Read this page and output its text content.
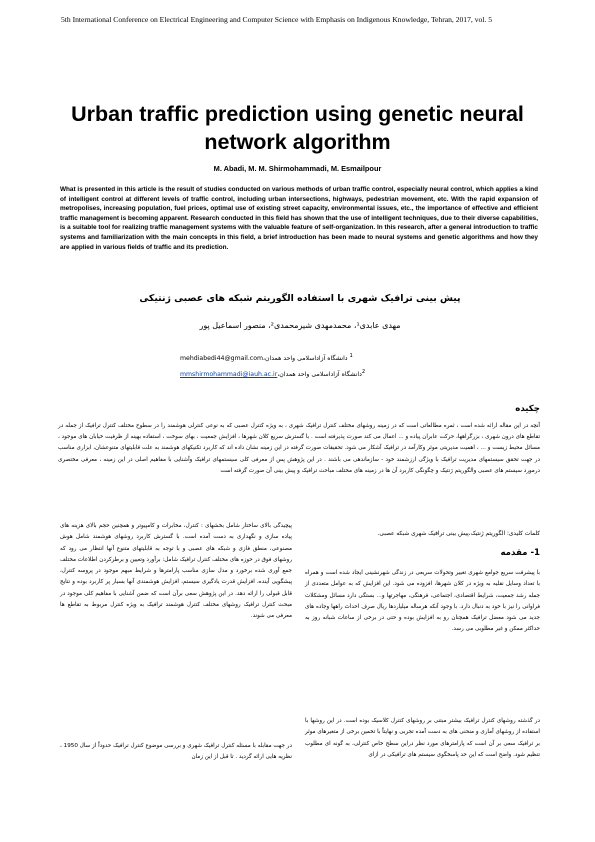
5th International Conference on Electrical Engineering and Computer Science with Emphasis on Indigenous Knowledge, Tehran, 2017, vol. 5
Urban traffic prediction using genetic neural network algorithm
M. Abadi, M. M. Shirmohammadi, M. Esmailpour
What is presented in this article is the result of studies conducted on various methods of urban traffic control, especially neural control, which applies a kind of intelligent control at different levels of traffic control, including urban intersections, highways, pedestrian movement, etc. With the rapid expansion of metropolises, increasing population, fuel prices, optimal use of existing street capacity, environmental issues, etc., the importance of effective and efficient traffic management is becoming apparent. Research conducted in this field has shown that the use of intelligent techniques, due to their diverse capabilities, is a suitable tool for realizing traffic management systems with the valuable feature of self-organization. In this research, after a general introduction to traffic systems and familiarization with the main concepts in this field, a brief introduction has been made to neural systems and genetic algorithms and how they are applied in various fields of traffic and its prediction.
پیش بینی ترافیک شهری با استفاده الگوریتم شبکه های عصبی ژنتیکی
مهدی عابدی¹، محمدمهدی شیرمحمدی²، منصور اسماعیل پور
mehdiabedi44@gmail.comدانشگاه آزاداسلامی واحد همدان، $^1$
mmshirmohammadi@iauh.ac.irدانشگاه آزاداسلامی واحد همدان،$^2$
چکیده
آنچه در این مقاله ارائه شده است ، ثمره مطالعاتی است که در زمینه روشهای مختلف کنترل ترافیک شهری ، به ویژه کنترل عصبی که به نوعی کنترلی هوشمند را در سطوح مختلف کنترل ترافیک از جمله در تقاطع های درون شهری ، بزرگراهها، حرکت عابران پیاده و ... اعمال می کند صورت پذیرفته است . با گسترش سریع کلان شهرها ، افزایش جمعیت ، بهای سوخت ، استفاده بهینه از ظرفیت خیابان های موجود ، مسائل محیط زیست و ... ، اهمیت مدیریتی موثر وکارآمد در ترافیک آشکار می شود. تحقیقات صورت گرفته در این زمینه نشان داده اند که کاربرد تکنیکهای هوشمند به علت قابلیتهای متنوعشان، ابزاری مناسب در جهت تحقق سیستمهای مدیریت ترافیک با ویژگی ارزشمند خود - سازماندهی می باشند . در این پژوهش پس از معرفی کلی سیستمهای ترافیک وآشنایی با مفاهیم اصلی در این زمینه ، معرفی مختصری درمورد سیستم های عصبی والگوریتم ژنتیک و چگونگی کاربرد آن ها در زمینه های مختلف مباحث ترافیک و پیش بینی آن صورت گرفته است
پیچیدگی بالای ساختار شامل بخشهای : کنترل، مخابرات و کامپیوتر و همچنین حجم بالای هزینه های پیاده سازی و نگهداری به دست آمده است. با گسترش کاربرد روشهای هوشمند شامل هوش مصنوعی، منطق فازی و شبکه های عصبی و با توجه به قابلیتهای متنوع آنها انتظار می رود که روشهای فوق در حوزه های مختلف کنترل ترافیک شامل: برآورد وتعیین و برطرکردن اطلاعات مختلف جمع آوری شده برخورد و مدل سازی مناسب پارامترها و شرایط مبهم موجود در پروسه کنترل، پیشگویی آینده، افزایش قدرت یادگیری سیستم، افزایش هوشمندی آنها بسیار پر کاربرد بوده و نتایج قابل قبولی را ارائه دهد. در این پژوهش سعی برآن است که ضمن آشنایی با مفاهیم کلی موجود در مبحث کنترل ترافیک روشهای مختلف کنترل هوشمند ترافیک به ویژه کنترل مربوط به تقاطع ها معرفی می شوند.
کلمات کلیدی: الگوریتم ژنتیک،پیش بینی ترافیک شهری شبکه عصبی.
1- مقدمه
با پیشرفت سریع جوامع شهری تغییر وتحولات سریعی در زندگی شهرنشینی ایجاد شده است و همراه با تعداد وسایل نقلیه به ویژه در کلان شهرها، افزوده می شود. این افزایش که به عوامل متعددی از جمله رشد جمعیت، شرایط اقتصادی، اجتماعی، فرهنگی، مهاجرتها و... بستگی دارد مسائل ومشکلات فراوانی را نیز با خود به دنبال دارد. با وجود آنکه هرساله میلیاردها ریال صرف احداث راهها وجاده های جدید می شود معضل ترافیک همچنان رو به افزایش بوده و حتی در برخی از ساعات شبانه روز به حداکثر ممکن و غیر مطلوبی می رسد.
در گذشته روشهای کنترل ترافیک بیشتر مبتنی بر روشهای کنترل کلاسیک بوده است. در این روشها با استفاده از روشهای آماری و منحنی های به دست آمده تجربی و نهایتاً با تخمین برخی از متغیرهای موثر بر ترافیک سعی بر آن است که پارامترهای مورد نظر دراین سطح خاص کنترلی، به گونه ای مطلوب تنظیم شود. واضح است که این حد پاسخگوی سیستم های ترافیکی در ازای
در جهت مقابله با مسئله کنترل ترافیک شهری و بررسی موضوع کنترل ترافیک حدوداً از سال 1950 ، نظریه هایی ارائه گردید . تا قبل از این زمان
